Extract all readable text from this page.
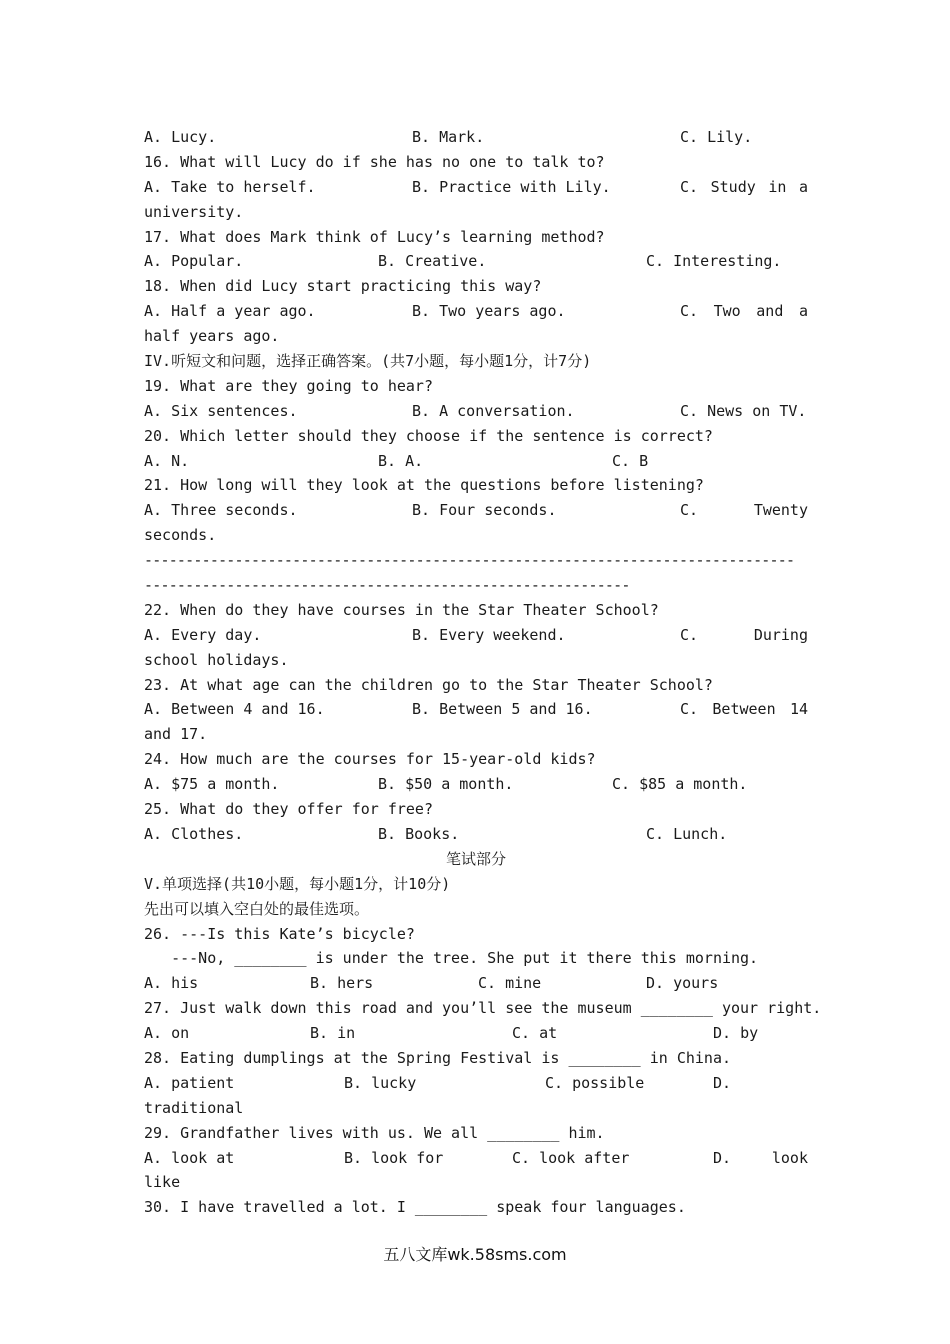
A. Lucy.	B. Mark.	C. Lily.
16. What will Lucy do if she has no one to talk to?
A. Take to herself.	B. Practice with Lily.	C. Study in a
university.
17. What does Mark think of Lucy’s learning method?
A. Popular.	B. Creative.	C. Interesting.
18. When did Lucy start practicing this way?
A. Half a year ago.	B. Two years ago.	C. Two and a
half years ago.
IV.听短文和问题，选择正确答案。(共7小题，每小题1分，计7分)
19. What are they going to hear?
A. Six sentences.	B. A conversation.	C. News on TV.
20. Which letter should they choose if the sentence is correct?
A. N.	B. A.	C. B
21. How long will they look at the questions before listening?
A. Three seconds.	B. Four seconds.	C.	Twenty
seconds.
-------------------------------------------------------------------------------
-----------------------------------------------------------
22. When do they have courses in the Star Theater School?
A. Every day.	B. Every weekend.	C.	During
school holidays.
23. At what age can the children go to the Star Theater School?
A. Between 4 and 16.	B. Between 5 and 16.	C. Between 14
and 17.
24. How much are the courses for 15-year-old kids?
A. $75 a month.	B. $50 a month.	C. $85 a month.
25. What do they offer for free?
A. Clothes.	B. Books.	C. Lunch.
笔试部分
V.单项选择(共10小题，每小题1分，计10分)
先出可以填入空白处的最佳选项。
26. ---Is this Kate’s bicycle?
---No, ________ is under the tree. She put it there this morning.
A. his	B. hers	C. mine	D. yours
27. Just walk down this road and you’ll see the museum ________ your right.
A. on	B. in	C. at	D. by
28. Eating dumplings at the Spring Festival is ________ in China.
A. patient	B. lucky	C. possible	D.
traditional
29. Grandfather lives with us. We all ________ him.
A. look at	B. look for	C. look after	D.	look
like
30. I have travelled a lot. I ________ speak four languages.
五八文库wk.58sms.com
